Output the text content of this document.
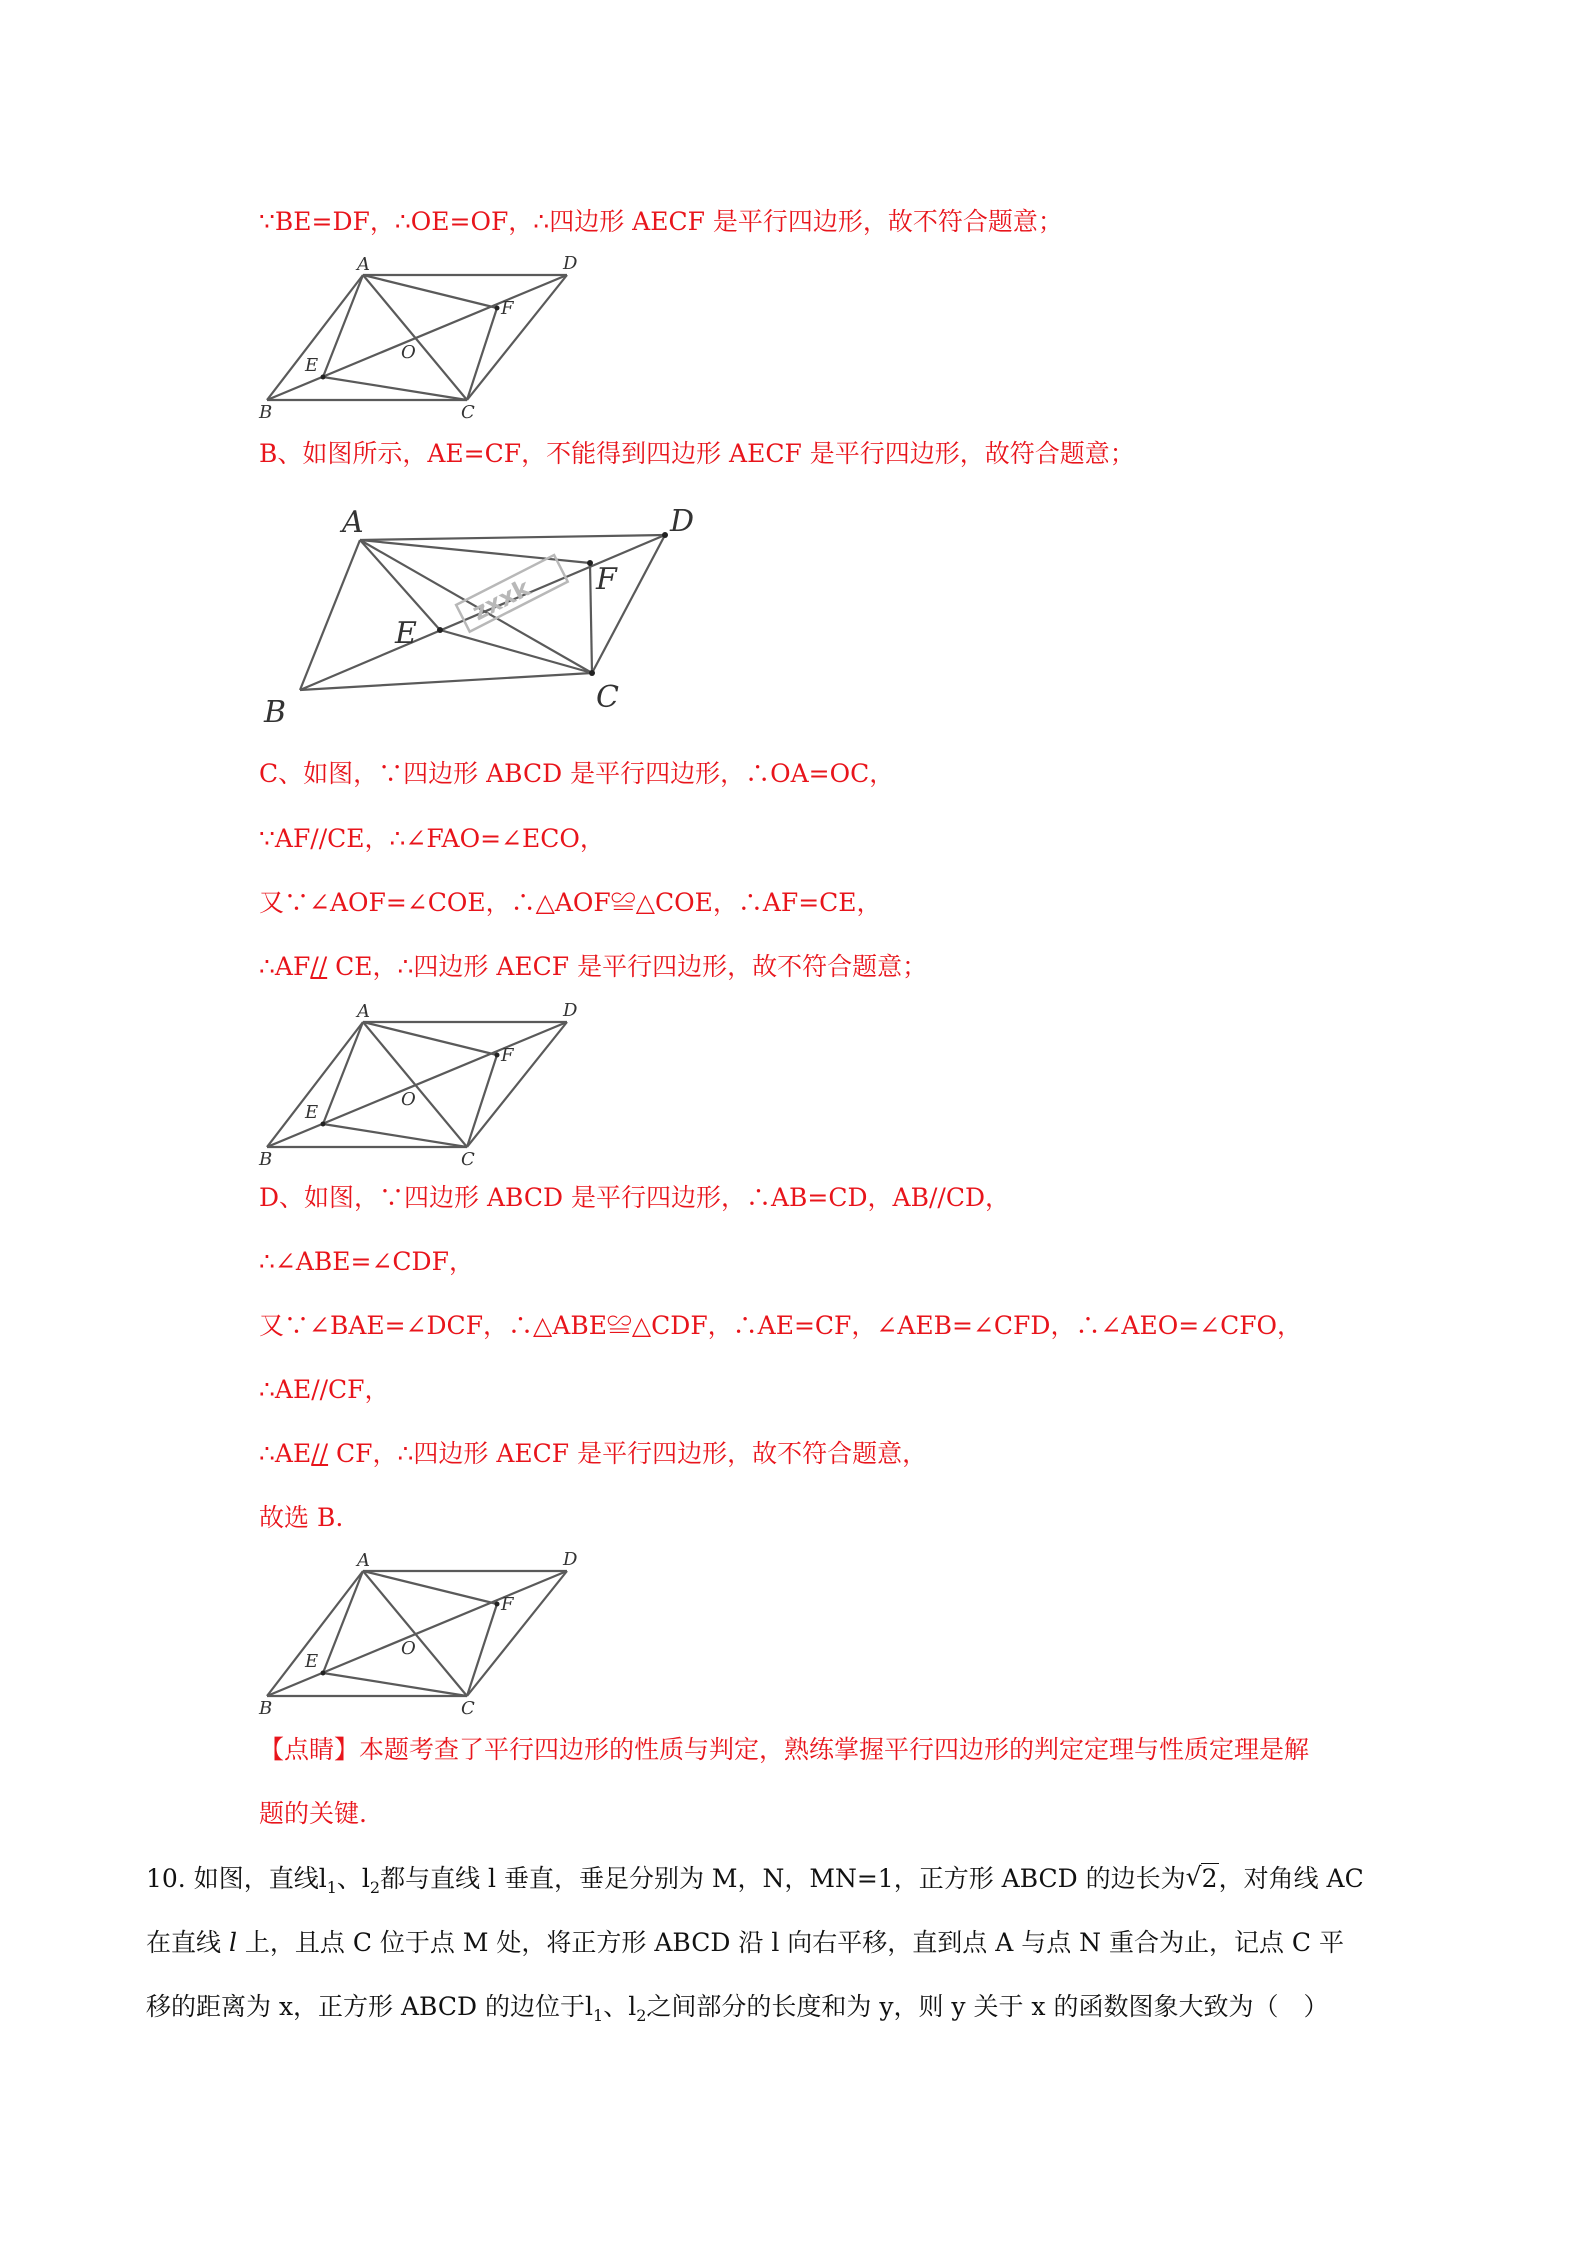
∵BE=DF，∴OE=OF，∴四边形 AECF 是平行四边形，故不符合题意；
A	D
B	C
E
F
O
B、如图所示，AE=CF，不能得到四边形 AECF 是平行四边形，故符合题意；
zxxk
A	D
B	C
E
F
C、如图，∵四边形 ABCD 是平行四边形，∴OA=OC，
∵AF//CE，∴∠FAO=∠ECO，
又∵∠AOF=∠COE，∴△AOF≌△COE，∴AF=CE，
∴AF// CE，∴四边形 AECF 是平行四边形，故不符合题意；
A	D
B	C
E
F
O
D、如图，∵四边形 ABCD 是平行四边形，∴AB=CD，AB//CD，
∴∠ABE=∠CDF，
又∵∠BAE=∠DCF，∴△ABE≌△CDF，∴AE=CF，∠AEB=∠CFD，∴∠AEO=∠CFO，
∴AE//CF，
∴AE// CF，∴四边形 AECF 是平行四边形，故不符合题意，
故选 B.
A	D
B	C
E
F
O
【点睛】本题考查了平行四边形的性质与判定，熟练掌握平行四边形的判定定理与性质定理是解
题的关键.
10. 如图，直线$l_1$、$l_2$都与直线 l 垂直，垂足分别为 M，N，MN=1，正方形 ABCD 的边长为√ 2，对角线 AC
在直线 l 上，且点 C 位于点 M 处，将正方形 ABCD 沿 l 向右平移，直到点 A 与点 N 重合为止，记点 C 平
移的距离为 x，正方形 ABCD 的边位于$l_1$、$l_2$之间部分的长度和为 y，则 y 关于 x 的函数图象大致为（　）
